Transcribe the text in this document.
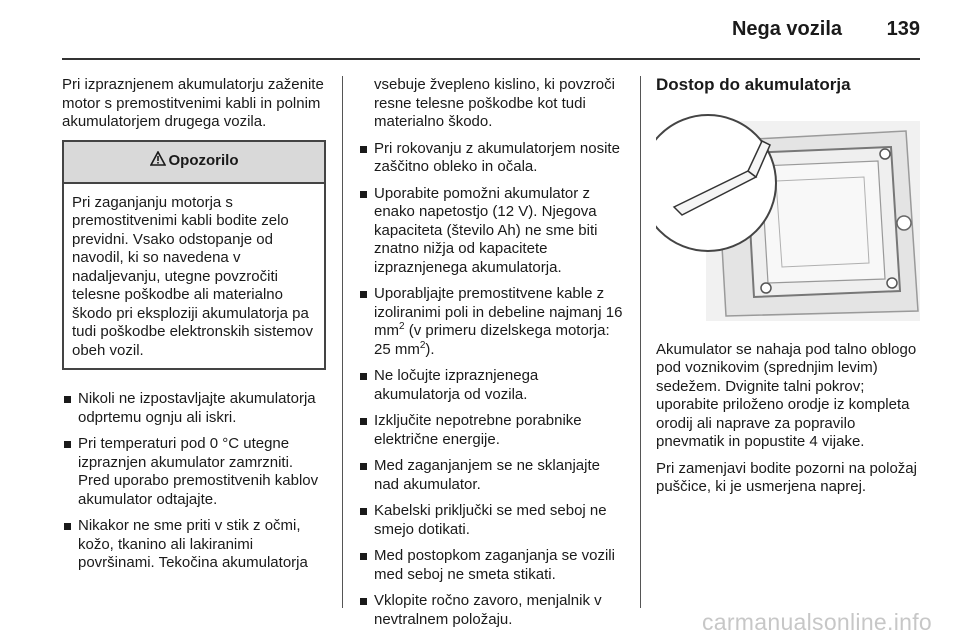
Nega vozila 139

Pri izpraznjenem akumulatorju zaženite motor s premostitvenimi kabli in polnim akumulatorjem drugega vozila.

Opozorilo
Pri zaganjanju motorja s premostitvenimi kabli bodite zelo previdni. Vsako odstopanje od navodil, ki so navedena v nadaljevanju, utegne povzročiti telesne poškodbe ali materialno škodo pri eksploziji akumulatorja pa tudi poškodbe elektronskih sistemov obeh vozil.
Nikoli ne izpostavljajte akumulatorja odprtemu ognju ali iskri.
Pri temperaturi pod 0 °C utegne izpraznjen akumulator zamrzniti. Pred uporabo premostitvenih kablov akumulator odtajajte.
Nikakor ne sme priti v stik z očmi, kožo, tkanino ali lakiranimi površinami. Tekočina akumulatorja

vsebuje žvepleno kislino, ki povzroči resne telesne poškodbe kot tudi materialno škodo.

Pri rokovanju z akumulatorjem nosite zaščitno obleko in očala.
Uporabite pomožni akumulator z enako napetostjo (12 V). Njegova kapaciteta (število Ah) ne sme biti znatno nižja od kapacitete izpraznjenega akumulatorja.
Uporabljajte premostitvene kable z izoliranimi poli in debeline najmanj 16 $mm^2$ (v primeru dizelskega motorja: 25 $mm^2$).
Ne ločujte izpraznjenega akumulatorja od vozila.
Izključite nepotrebne porabnike električne energije.
Med zaganjanjem se ne sklanjajte nad akumulator.
Kabelski priključki se med seboj ne smejo dotikati.
Med postopkom zaganjanja se vozili med seboj ne smeta stikati.
Vklopite ročno zavoro, menjalnik v nevtralnem položaju.
Dostop do akumulatorja

Akumulator se nahaja pod talno oblogo pod voznikovim (sprednjim levim) sedežem. Dvignite talni pokrov; uporabite priloženo orodje iz kompleta orodij ali naprave za popravilo pnevmatik in popustite 4 vijake.

Pri zamenjavi bodite pozorni na položaj puščice, ki je usmerjena naprej.

carmanualsonline.info
